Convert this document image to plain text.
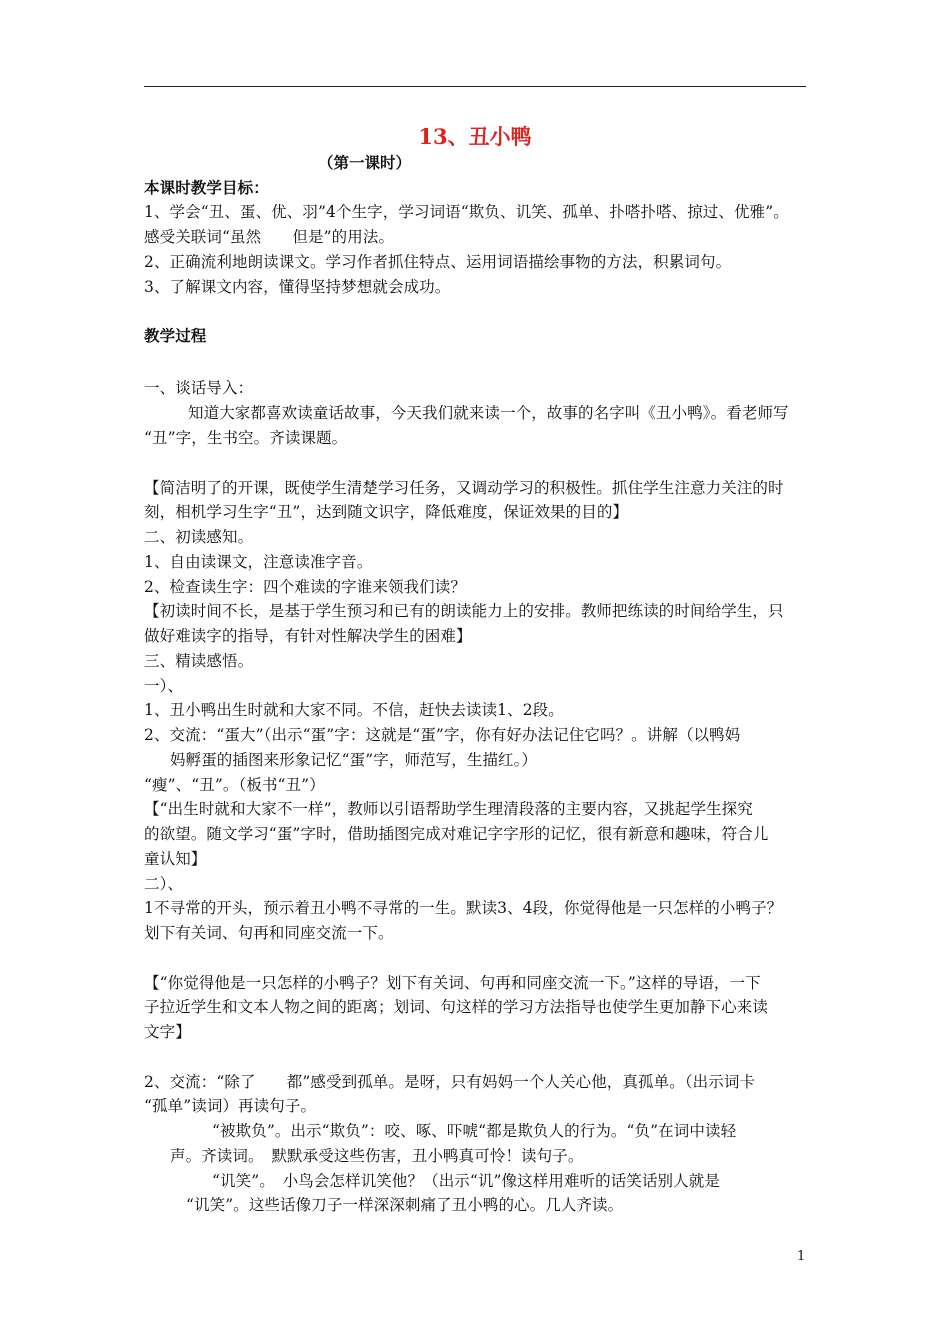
13、丑小鸭
（第一课时）
本课时教学目标：
1、学会“丑、蛋、优、羽”4个生字，学习词语“欺负、讥笑、孤单、扑嗒扑嗒、掠过、优雅”。
感受关联词“虽然　　但是”的用法。
2、正确流利地朗读课文。学习作者抓住特点、运用词语描绘事物的方法，积累词句。
3、了解课文内容，懂得坚持梦想就会成功。
教学过程
一、谈话导入：
知道大家都喜欢读童话故事，今天我们就来读一个，故事的名字叫《丑小鸭》。看老师写
“丑”字，生书空。齐读课题。
【简洁明了的开课，既使学生清楚学习任务，又调动学习的积极性。抓住学生注意力关注的时
刻，相机学习生字“丑”，达到随文识字，降低难度，保证效果的目的】
二、初读感知。
1、自由读课文，注意读准字音。
2、检查读生字：四个难读的字谁来领我们读？
【初读时间不长，是基于学生预习和已有的朗读能力上的安排。教师把练读的时间给学生，只
做好难读字的指导，有针对性解决学生的困难】
三、精读感悟。
一）、
1、丑小鸭出生时就和大家不同。不信，赶快去读读1、2段。
2、交流：“蛋大”（出示“蛋”字：这就是“蛋”字，你有好办法记住它吗？。讲解（以鸭妈
妈孵蛋的插图来形象记忆“蛋”字，师范写，生描红。）
“瘦”、“丑”。（板书“丑”）
【“出生时就和大家不一样”，教师以引语帮助学生理清段落的主要内容，又挑起学生探究
的欲望。随文学习“蛋”字时，借助插图完成对难记字字形的记忆，很有新意和趣味，符合儿
童认知】
二）、
1不寻常的开头，预示着丑小鸭不寻常的一生。默读3、4段，你觉得他是一只怎样的小鸭子？
划下有关词、句再和同座交流一下。
【“你觉得他是一只怎样的小鸭子？划下有关词、句再和同座交流一下。”这样的导语，一下
子拉近学生和文本人物之间的距离；划词、句这样的学习方法指导也使学生更加静下心来读
文字】
2、交流：“除了　　都”感受到孤单。是呀，只有妈妈一个人关心他，真孤单。（出示词卡
“孤单”读词）再读句子。
“被欺负”。出示“欺负”：咬、啄、吓唬“都是欺负人的行为。“负”在词中读轻
声。齐读词。　默默承受这些伤害，丑小鸭真可怜！读句子。
“讥笑”。　小鸟会怎样讥笑他？（出示“讥”像这样用难听的话笑话别人就是
“讥笑”。这些话像刀子一样深深刺痛了丑小鸭的心。几人齐读。
1
